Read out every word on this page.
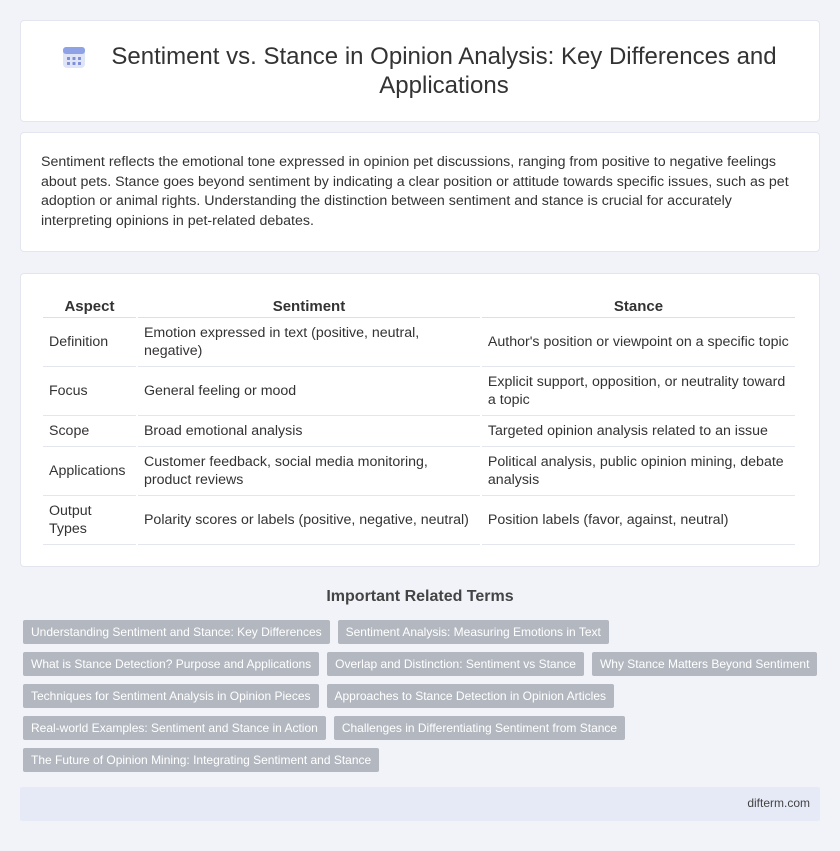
Sentiment vs. Stance in Opinion Analysis: Key Differences and Applications

Sentiment reflects the emotional tone expressed in opinion pet discussions, ranging from positive to negative feelings about pets. Stance goes beyond sentiment by indicating a clear position or attitude towards specific issues, such as pet adoption or animal rights. Understanding the distinction between sentiment and stance is crucial for accurately interpreting opinions in pet-related debates.

Aspect	Sentiment	Stance
Definition	Emotion expressed in text (positive, neutral, negative)	Author's position or viewpoint on a specific topic
Focus	General feeling or mood	Explicit support, opposition, or neutrality toward a topic
Scope	Broad emotional analysis	Targeted opinion analysis related to an issue
Applications	Customer feedback, social media monitoring, product reviews	Political analysis, public opinion mining, debate analysis
Output Types	Polarity scores or labels (positive, negative, neutral)	Position labels (favor, against, neutral)
Important Related Terms
Understanding Sentiment and Stance: Key Differences	Sentiment Analysis: Measuring Emotions in Text
What is Stance Detection? Purpose and Applications	Overlap and Distinction: Sentiment vs Stance	Why Stance Matters Beyond Sentiment
Techniques for Sentiment Analysis in Opinion Pieces	Approaches to Stance Detection in Opinion Articles
Real-world Examples: Sentiment and Stance in Action	Challenges in Differentiating Sentiment from Stance
The Future of Opinion Mining: Integrating Sentiment and Stance
difterm.com
